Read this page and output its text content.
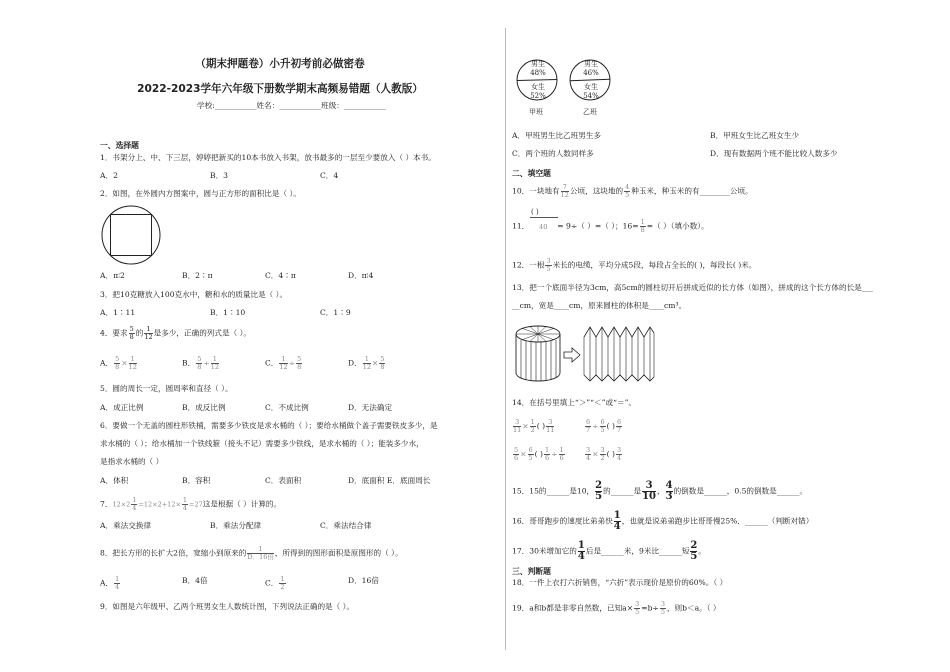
（期末押题卷）小升初考前必做密卷
2022-2023学年六年级下册数学期末高频易错题（人教版）
学校:___________姓名：___________班级：___________
一、选择题
1．书架分上、中、下三层，婷婷把新买的10本书放入书架，放书最多的一层至少要放入（ ）本书。
A．2	B．3	C．4
2．如图，在外圆内方图案中，圆与正方形的面积比是（ ）。
A．π∶2	B．2∶π	C．4∶π	D．π∶4
3．把10克糖放入100克水中，糖和水的质量比是（ ）。
A．1∶11	B．1∶10	C．1∶9
4．要求 $\frac{5}{8}$ 的 $\frac{1}{12}$ 是多少，正确的列式是（ ）。
A． $\frac{5}{8} \times \frac{1}{12}$	B． $\frac{5}{8} \div \frac{1}{12}$	C． $\frac{1}{12} \div \frac{5}{8}$	D． $\frac{1}{12} \times \frac{5}{8}$
5．圆的周长一定，圆周率和直径（ ）。
A．成正比例	B．成反比例	C．不成比例	D．无法确定
6．要做一个无盖的圆柱形铁桶，需要多少铁皮是求水桶的（ ）；要给水桶做个盖子需要铁皮多少，是
求水桶的（ ）；给水桶加一个铁线箍（接头不记）需要多少铁线，是求水桶的（ ）；能装多少水，
是指求水桶的（ ）
A．体积	B．容积	C．表面积	D．底面积 E．底面周长
7．$12\times 2 \frac{1}{4} =12\times 2+12\times \frac{1}{4} =27$这是根据（ ）计算的。
A．乘法交换律	B．乘法分配律	C．乘法结合律
8．把长方形的长扩大2倍，宽缩小到原来的 $\frac{1}{\text{D．16倍}}$ ，所得到的图形面积是原图形的（ ）。
A． $\frac{1}{4}$	B．4倍	C． $\frac{1}{2}$	D．16倍
9．如图是六年级甲、乙两个班男女生人数统计图，下列说法正确的是（ ）。
男生
48%
女生
52%
甲班
男生
46%
女生
54%
乙班
A．甲班男生比乙班男生多	B．甲班女生比乙班女生少
C．两个班的人数同样多	D．现有数据两个班不能比较人数多少
二、填空题
10．一块地有 $\frac{7}{12}$ 公顷，这块地的 $\frac{4}{5}$ 种玉米，种玉米的有________公顷。
( )
11． 40 = 9÷（ ）=（ ）；$16= \frac{1}{8}$ =（ ）（填小数）。
12．一根 $\frac{3}{5}$ 米长的电缆，平均分成5段，每段占全长的( )，每段长( )米。
13．把一个底面半径为3cm，高5cm的圆柱切开后拼成近似的长方体（如图），拼成的这个长方体的长是___
__cm，宽是____cm，原来圆柱的体积是____cm³。
14．在括号里填上“＞”“＜”或“＝”。
$\frac{3}{11} \times \frac{1}{2}$ ( ) $\frac{3}{11}$	$\frac{6}{7} \div \frac{6}{5}$ ( ) $\frac{6}{7}$
$\frac{5}{6} \times \frac{6}{5}$ ( ) $\frac{1}{6} \div \frac{1}{6}$	$\frac{3}{4} \times \frac{3}{2}$ ( ) $\frac{3}{4}$
15．15的______是10， $\frac{2}{5}$ 的______是 $\frac{3}{10}$ ， $\frac{4}{3}$ 的倒数是______，0.5的倒数是______。
16．哥哥跑步的速度比弟弟快 $\frac{1}{4}$ ，也就是说弟弟跑步比哥哥慢25%．______（判断对错）
17．30米增加它的 $\frac{1}{4}$ 后是______米，9米比______短 $\frac{2}{5}$ 。
三、判断题
18．一件上衣打六折销售，“六折”表示现价是原价的60%。（ ）
19．a和b都是非零自然数，已知$a\times \frac{3}{5} =b\div \frac{3}{5}$ ，则b＜a。（ ）
